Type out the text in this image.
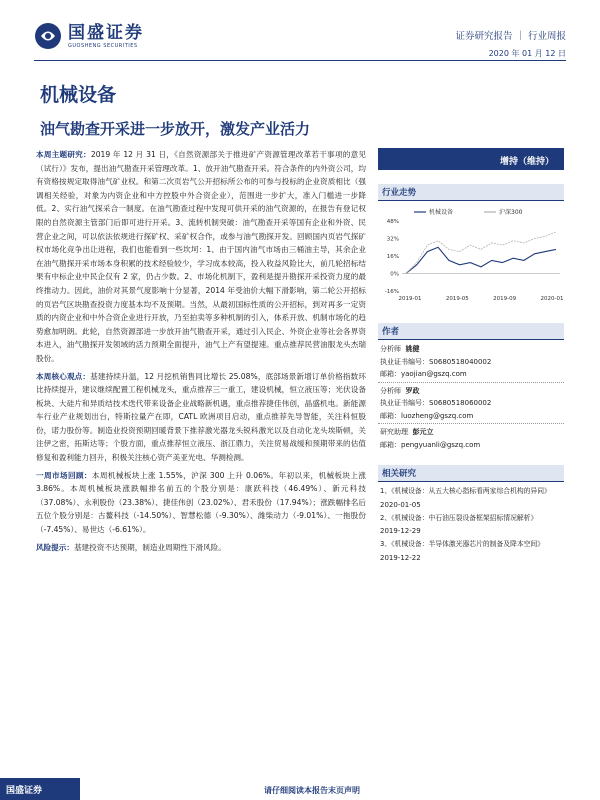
国盛证券
GUOSHENG SECURITIES
证券研究报告 ｜ 行业周报
2020 年 01 月 12 日
机械设备
油气勘查开采进一步放开，激发产业活力

本周主题研究：2019 年 12 月 31 日，《自然资源部关于推进矿产资源管理改革若干事项的意见（试行）》发布，提出油气勘查开采管理改革。1、放开油气勘查开采。符合条件的内外资公司，均有资格按规定取得油气矿业权。和第二次页岩气公开招标所公布的可参与投标的企业资质相比（强调相关经验，对象为内资企业和中方控股中外合资企业），范围进一步扩大，准入门槛进一步降低。2、实行油气探采合一制度。在油气勘查过程中发现可供开采的油气资源的，在报告有登记权限的自然资源主管部门后即可进行开采。3、流转机制突破：油气勘查开采等国有企业和外资、民营企业之间，可以依法依规进行探矿权、采矿权合作，或参与油气勘探开发。回顾国内页岩气探矿权市场化竞争出让进程，我们也能看到一些坎坷：1、由于国内油气市场由三桶油主导，其余企业在油气勘探开采市场本身积累的技术经验较少，学习成本较高，投入收益风险比大，前几轮招标结果有中标企业中民企仅有 2 家，仍占少数。2、市场化机制下，盈利是提升勘探开采投资力度的最终推动力。因此，油价对其景气度影响十分显著，2014 年受油价大幅下滑影响，第二轮公开招标的页岩气区块勘查投资力度基本均不及预期。当然，从最初国标性质的公开招标，到对再多一定资质的内资企业和中外合资企业进行开放，乃至拍卖等多种机制的引入，体系开放、机制市场化的趋势愈加明朗。此轮，自然资源部进一步放开油气勘查开采，通过引入民企、外资企业等社会各界资本进入，油气勘探开发领域的活力预期全面提升，油气上产有望提速。重点推荐民营油服龙头杰瑞股份。

本周核心观点：基建持续升温，12 月挖机销售同比增长 25.08%，底部场景新增订单价格指数环比持续提升，建议继续配置工程机械龙头，重点推荐三一重工，建设机械，恒立液压等；光伏设备板块、大硅片和异质结技术迭代带来设备企业战略新机遇，重点推荐捷佳伟创，晶盛机电。新能源车行业产业规划出台，特斯拉量产在即，CATL 欧洲项目启动，重点推荐先导智能，关注科恒股份，诺力股份等。制造业投资预期回暖背景下推荐激光器龙头锐科激光以及自动化龙头埃斯顿，关注伊之密，拓斯达等；个股方面，重点推荐恒立液压、浙江鼎力，关注贸易战缓和预期带来的估值修复和盈利能力回升，积极关注核心资产美亚光电、华测检测。

一周市场回顾：本周机械板块上涨 1.55%，沪深 300 上升 0.06%。年初以来，机械板块上涨 3.86%。本周机械板块涨跌幅排名前五的个股分别是：康跃科技（46.49%）、新元科技（37.08%）、永利股份（23.38%）、捷佳伟创（23.02%）、君禾股份（17.94%）；涨跌幅排名后五位个股分别是：古鳌科技（-14.50%）、智慧松德（-9.30%）、潍柴动力（-9.01%）、一拖股份（-7.45%）、易世达（-6.61%）。

风险提示：基建投资不达预期，制造业周期性下滑风险。

增持（维持）
行业走势
48%
32%
16%
0%
-16%
2019-01	2019-05	2019-09	2020-01
机械设备	沪深300
作者
分析师 姚健
执业证书编号：S0680518040002
邮箱：yaojian@gszq.com
分析师 罗政
执业证书编号：S0680518060002
邮箱：luozheng@gszq.com
研究助理 彭元立
邮箱：pengyuanli@gszq.com
相关研究
1、《机械设备：从五大核心指标看两家综合机构的异同》
2020-01-05
2、《机械设备：中石油压裂设备框架招标情况解析》
2019-12-29
3、《机械设备：半导体激光器芯片的制备及降本空间》
2019-12-22
国盛证券	请仔细阅读本报告末页声明
